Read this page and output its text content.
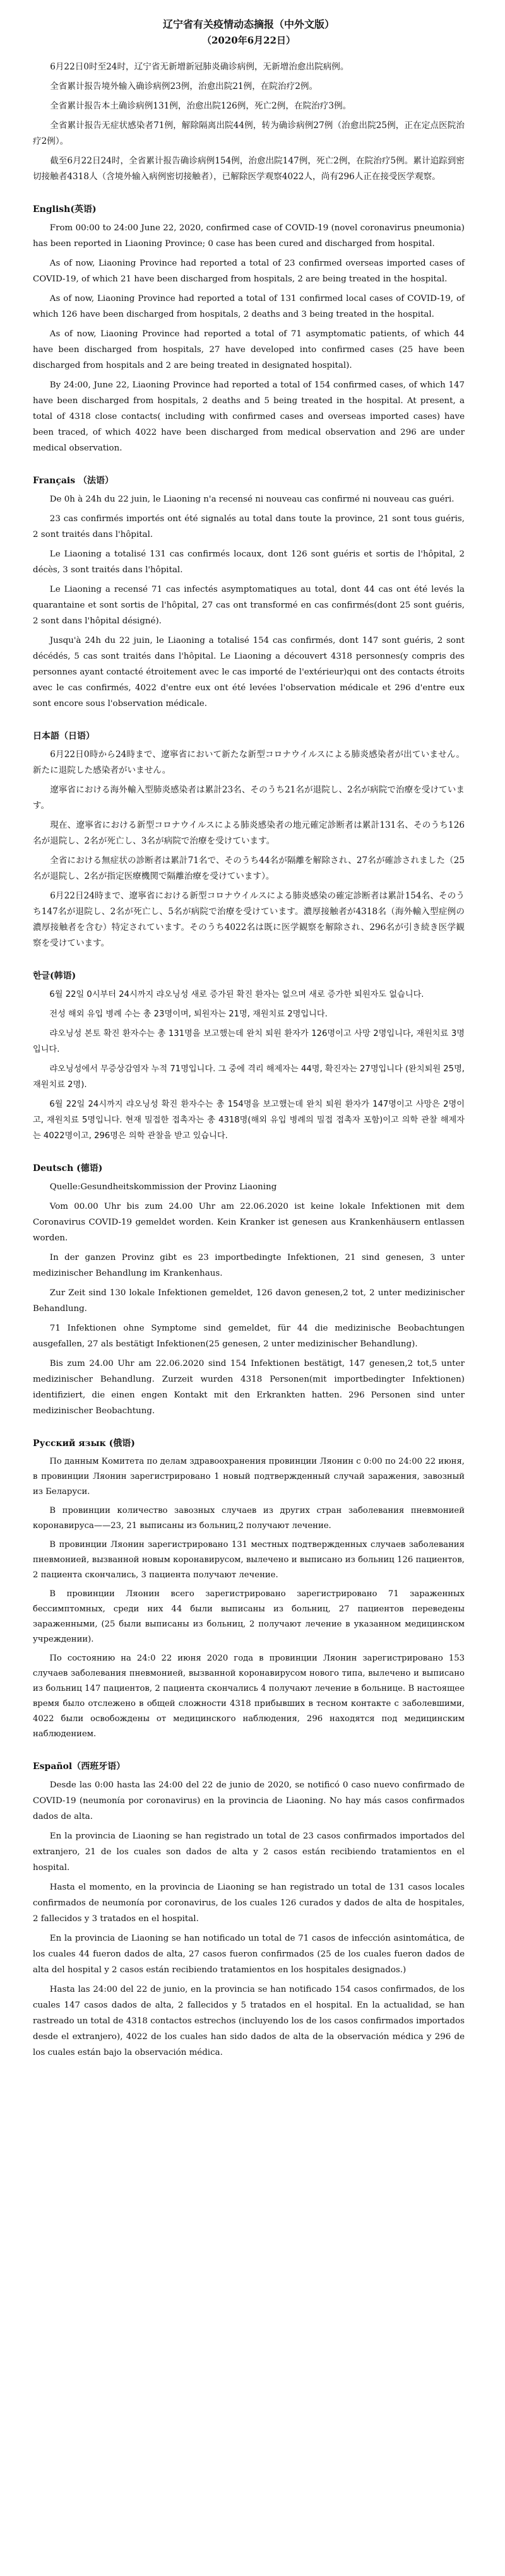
辽宁省有关疫情动态摘报（中外文版）
（2020年6月22日）

6月22日0时至24时，辽宁省无新增新冠肺炎确诊病例，无新增治愈出院病例。

全省累计报告境外输入确诊病例23例，治愈出院21例，在院治疗2例。

全省累计报告本土确诊病例131例，治愈出院126例，死亡2例，在院治疗3例。

全省累计报告无症状感染者71例，解除隔离出院44例，转为确诊病例27例（治愈出院25例，正在定点医院治疗2例）。

截至6月22日24时，全省累计报告确诊病例154例，治愈出院147例，死亡2例，在院治疗5例。累计追踪到密切接触者4318人（含境外输入病例密切接触者），已解除医学观察4022人，尚有296人正在接受医学观察。

English(英语)

From 00:00 to 24:00 June 22, 2020, confirmed case of COVID-19 (novel coronavirus pneumonia) has been reported in Liaoning Province; 0 case has been cured and discharged from hospital.

As of now, Liaoning Province had reported a total of 23 confirmed overseas imported cases of COVID-19, of which 21 have been discharged from hospitals, 2 are being treated in the hospital.

As of now, Liaoning Province had reported a total of 131 confirmed local cases of COVID-19, of which 126 have been discharged from hospitals, 2 deaths and 3 being treated in the hospital.

As of now, Liaoning Province had reported a total of 71 asymptomatic patients, of which 44 have been discharged from hospitals, 27 have developed into confirmed cases (25 have been discharged from hospitals and 2 are being treated in designated hospital).

By 24:00, June 22, Liaoning Province had reported a total of 154 confirmed cases, of which 147 have been discharged from hospitals, 2 deaths and 5 being treated in the hospital. At present, a total of 4318 close contacts( including with confirmed cases and overseas imported cases) have been traced, of which 4022 have been discharged from medical observation and 296 are under medical observation.

Français （法语）

De 0h à 24h du 22 juin, le Liaoning n'a recensé ni nouveau cas confirmé ni nouveau cas guéri.

23 cas confirmés importés ont été signalés au total dans toute la province, 21 sont tous guéris, 2 sont traités dans l'hôpital.

Le Liaoning a totalisé 131 cas confirmés locaux, dont 126 sont guéris et sortis de l'hôpital, 2 décès, 3 sont traités dans l'hôpital.

Le Liaoning a recensé 71 cas infectés asymptomatiques au total, dont 44 cas ont été levés la quarantaine et sont sortis de l'hôpital, 27 cas ont transformé en cas confirmés(dont 25 sont guéris, 2 sont dans l'hôpital désigné).

Jusqu'à 24h du 22 juin, le Liaoning a totalisé 154 cas confirmés, dont 147 sont guéris, 2 sont décédés, 5 cas sont traités dans l'hôpital. Le Liaoning a découvert 4318 personnes(y compris des personnes ayant contacté étroitement avec le cas importé de l'extérieur)qui ont des contacts étroits avec le cas confirmés, 4022 d'entre eux ont été levées l'observation médicale et 296 d'entre eux sont encore sous l'observation médicale.

日本語（日语）

6月22日0時から24時まで、遼寧省において新たな新型コロナウイルスによる肺炎感染者が出ていません。新たに退院した感染者がいません。

遼寧省における海外輸入型肺炎感染者は累計23名、そのうち21名が退院し、2名が病院で治療を受けています。

現在、遼寧省における新型コロナウイルスによる肺炎感染者の地元確定診断者は累計131名、そのうち126名が退院し、2名が死亡し、3名が病院で治療を受けています。

全省における無症状の診断者は累計71名で、そのうち44名が隔離を解除され、27名が確診されました（25名が退院し、2名が指定医療機関で隔離治療を受けています）。

6月22日24時まで、遼寧省における新型コロナウイルスによる肺炎感染の確定診断者は累計154名、そのうち147名が退院し、2名が死亡し、5名が病院で治療を受けています。濃厚接触者が4318名（海外輸入型症例の濃厚接触者を含む）特定されています。そのうち4022名は既に医学観察を解除され、296名が引き続き医学観察を受けています。

한글(韩语)

6월 22일 0시부터 24시까지 랴오닝성 새로 증가된 확진 환자는 없으며 새로 증가한 퇴원자도 없습니다.

전성 해외 유입 병례 수는 총 23명이며, 퇴원자는 21명, 재원치료 2명입니다.

랴오닝성 본토 확진 환자수는 총 131명을 보고했는데 완치 퇴원 환자가 126명이고 사망 2명입니다, 재원치료 3명입니다.

랴오닝성에서 무증상감염자 누적 71명입니다. 그 중에 격리 해제자는 44명, 확진자는 27명입니다 (완치퇴원 25명, 재원치료 2명).

6월 22일 24시까지 랴오닝성 확진 환자수는 총 154명을 보고했는데 완치 퇴원 환자가 147명이고 사망은 2명이고, 재원치료 5명입니다. 현재 밀접한 접촉자는 총 4318명(해외 유입 병례의 밀접 접촉자 포함)이고 의학 관찰 해제자는 4022명이고, 296명은 의학 관찰을 받고 있습니다.

Deutsch (德语)

Quelle:Gesundheitskommission der Provinz Liaoning

Vom 00.00 Uhr bis zum 24.00 Uhr am 22.06.2020 ist keine lokale Infektionen mit dem Coronavirus COVID-19 gemeldet worden. Kein Kranker ist genesen aus Krankenhäusern entlassen worden.

In der ganzen Provinz gibt es 23 importbedingte Infektionen, 21 sind genesen, 3 unter medizinischer Behandlung im Krankenhaus.

Zur Zeit sind 130 lokale Infektionen gemeldet, 126 davon genesen,2 tot, 2 unter medizinischer Behandlung.

71 Infektionen ohne Symptome sind gemeldet, für 44 die medizinische Beobachtungen ausgefallen, 27 als bestätigt Infektionen(25 genesen, 2 unter medizinischer Behandlung).

Bis zum 24.00 Uhr am 22.06.2020 sind 154 Infektionen bestätigt, 147 genesen,2 tot,5 unter medizinischer Behandlung. Zurzeit wurden 4318 Personen(mit importbedingter Infektionen) identifiziert, die einen engen Kontakt mit den Erkrankten hatten. 296 Personen sind unter medizinischer Beobachtung.

Русский язык (俄语)

По данным Комитета по делам здравоохранения провинции Ляонин с 0:00 по 24:00 22 июня, в провинции Ляонин зарегистрировано 1 новый подтвержденный случай заражения, завозный из Беларуси.

В провинции количество завозных случаев из других стран заболевания пневмонией коронавируса——23, 21 выписаны из больниц,2 получают лечение.

В провинции Ляонин зарегистрировано 131 местных подтвержденных случаев заболевания пневмонией, вызванной новым коронавирусом, вылечено и выписано из больниц 126 пациентов, 2 пациента скончались, 3 пациента получают лечение.

В провинции Ляонин всего зарегистрировано зарегистрировано 71 зараженных бессимптомных, среди них 44 были выписаны из больниц, 27 пациентов переведены зараженными, (25 были выписаны из больниц, 2 получают лечение в указанном медицинском учреждении).

По состоянию на 24:0 22 июня 2020 года в провинции Ляонин зарегистрировано 153 случаев заболевания пневмонией, вызванной коронавирусом нового типа, вылечено и выписано из больниц 147 пациентов, 2 пациента скончались 4 получают лечение в больнице. В настоящее время было отслежено в общей сложности 4318 прибывших в тесном контакте с заболевшими, 4022 были освобождены от медицинского наблюдения, 296 находятся под медицинским наблюдением.

Español（西班牙语）

Desde las 0:00 hasta las 24:00 del 22 de junio de 2020, se notificó 0 caso nuevo confirmado de COVID-19 (neumonía por coronavirus) en la provincia de Liaoning. No hay más casos confirmados dados de alta.

En la provincia de Liaoning se han registrado un total de 23 casos confirmados importados del extranjero, 21 de los cuales son dados de alta y 2 casos están recibiendo tratamientos en el hospital.

Hasta el momento, en la provincia de Liaoning se han registrado un total de 131 casos locales confirmados de neumonía por coronavirus, de los cuales 126 curados y dados de alta de hospitales, 2 fallecidos y 3 tratados en el hospital.

En la provincia de Liaoning se han notificado un total de 71 casos de infección asintomática, de los cuales 44 fueron dados de alta, 27 casos fueron confirmados (25 de los cuales fueron dados de alta del hospital y 2 casos están recibiendo tratamientos en los hospitales designados.)

Hasta las 24:00 del 22 de junio, en la provincia se han notificado 154 casos confirmados, de los cuales 147 casos dados de alta, 2 fallecidos y 5 tratados en el hospital. En la actualidad, se han rastreado un total de 4318 contactos estrechos (incluyendo los de los casos confirmados importados desde el extranjero), 4022 de los cuales han sido dados de alta de la observación médica y 296 de los cuales están bajo la observación médica.
